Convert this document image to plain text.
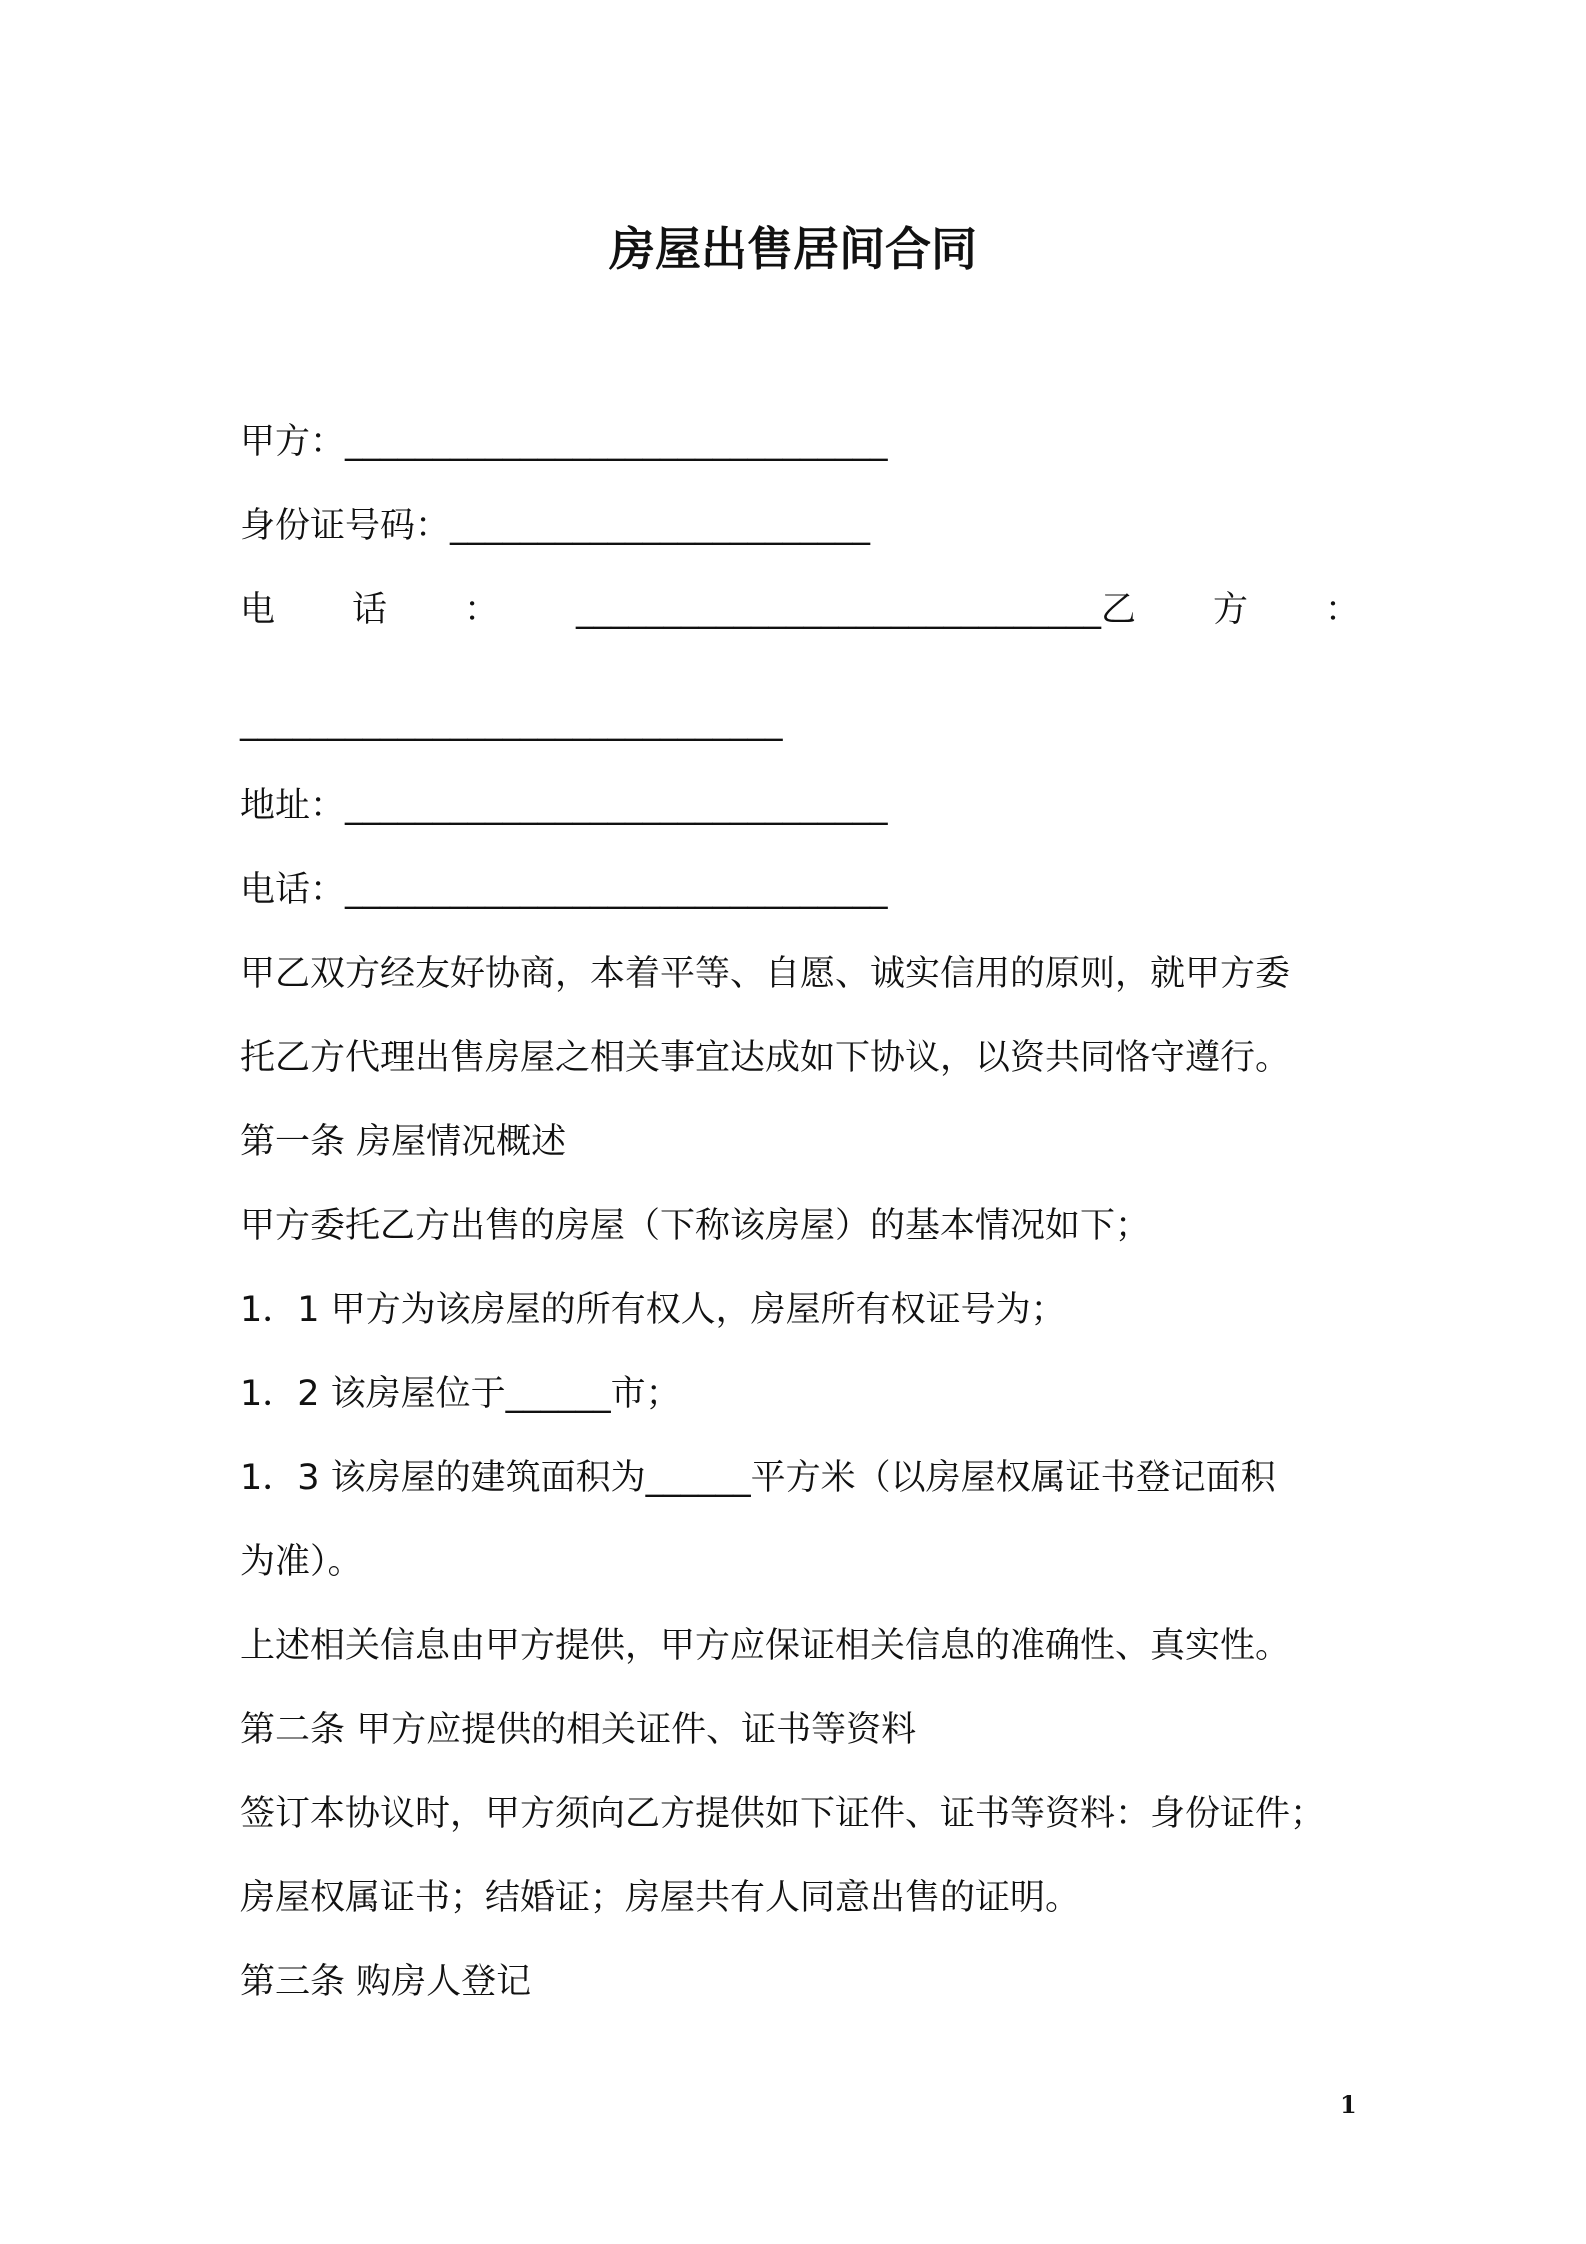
房屋出售居间合同
甲方：_______________________________
身份证号码：________________________
电 话 ： ______________________________乙 方 ：
_______________________________
地址：_______________________________
电话：_______________________________
甲乙双方经友好协商，本着平等、自愿、诚实信用的原则，就甲方委
托乙方代理出售房屋之相关事宜达成如下协议，以资共同恪守遵行。
第一条 房屋情况概述
甲方委托乙方出售的房屋（下称该房屋）的基本情况如下；
1．1 甲方为该房屋的所有权人，房屋所有权证号为；
1．2 该房屋位于______市；
1．3 该房屋的建筑面积为______平方米（以房屋权属证书登记面积
为准）。
上述相关信息由甲方提供，甲方应保证相关信息的准确性、真实性。
第二条 甲方应提供的相关证件、证书等资料
签订本协议时，甲方须向乙方提供如下证件、证书等资料：身份证件；
房屋权属证书；结婚证；房屋共有人同意出售的证明。
第三条 购房人登记
1
